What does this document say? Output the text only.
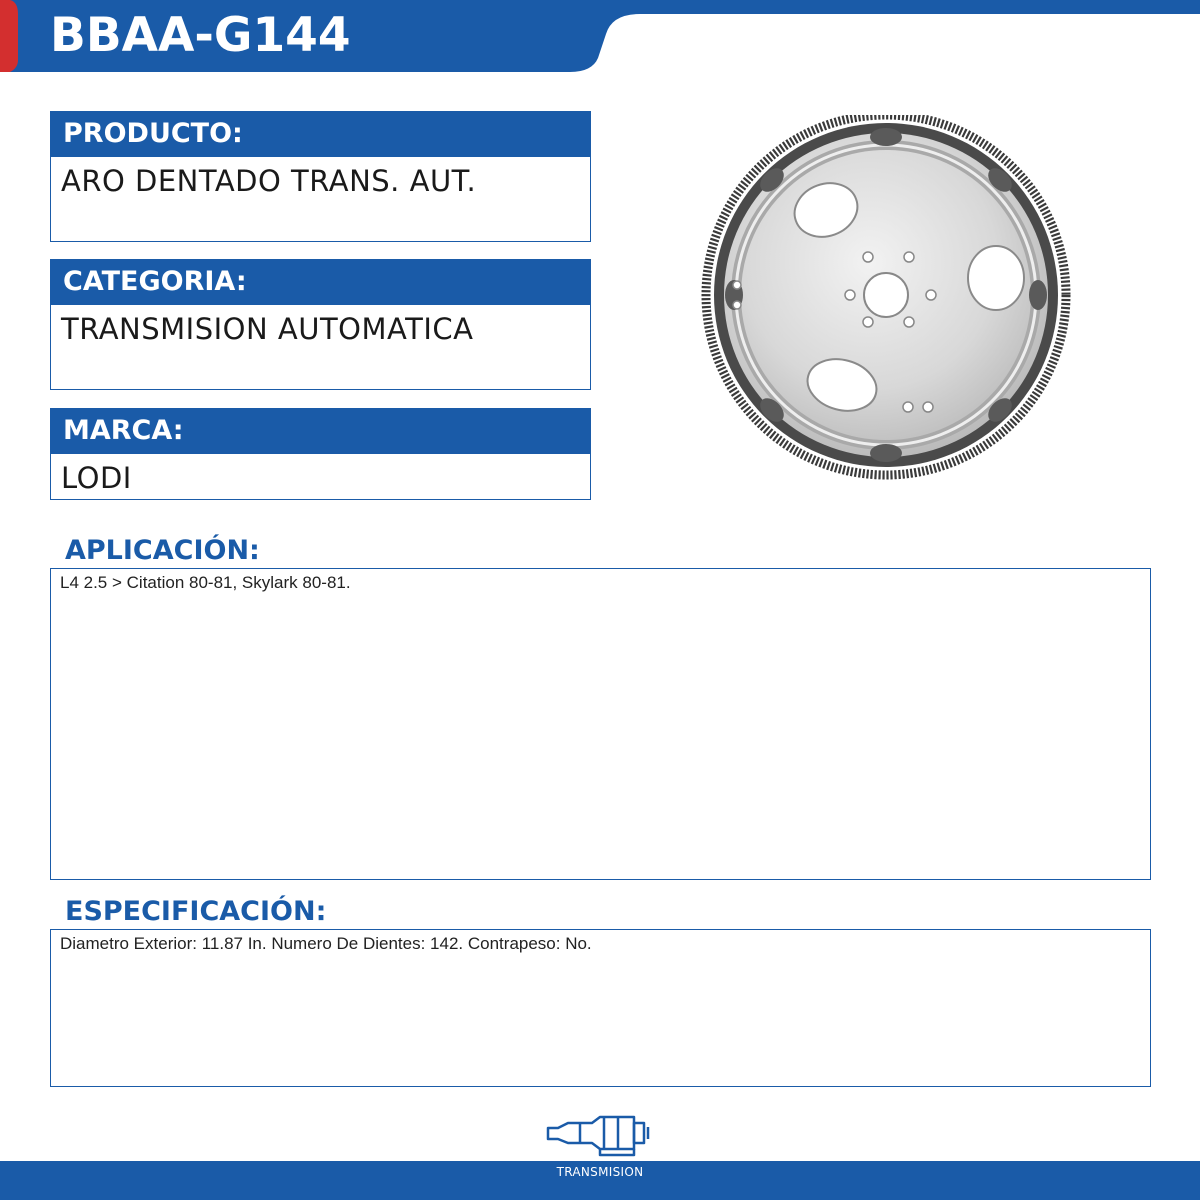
BBAA-G144
PRODUCTO:
ARO DENTADO TRANS. AUT.
CATEGORIA:
TRANSMISION AUTOMATICA
MARCA:
LODI
APLICACIÓN:
L4 2.5 > Citation 80-81, Skylark 80-81.
ESPECIFICACIÓN:
Diametro Exterior: 11.87 In. Numero De Dientes: 142. Contrapeso: No.
TRANSMISION
